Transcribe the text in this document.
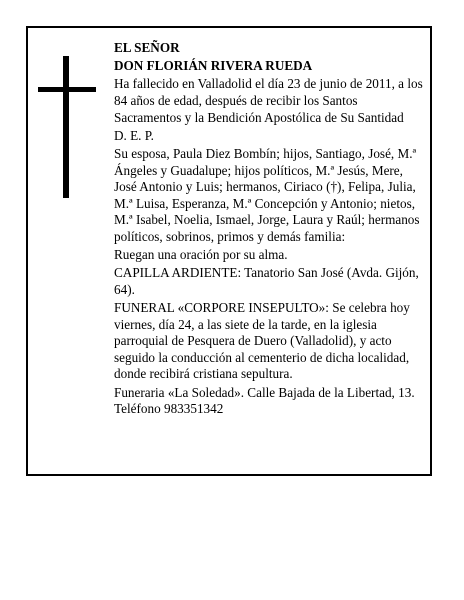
EL SEÑOR

DON FLORIÁN RIVERA RUEDA

Ha fallecido en Valladolid el día 23 de junio de 2011, a los 84 años de edad, después de recibir los Santos Sacramentos y la Bendición Apostólica de Su Santidad

D. E. P.

Su esposa, Paula Diez Bombín; hijos, Santiago, José, M.ª Ángeles y Guadalupe; hijos políticos, M.ª Jesús, Mere, José Antonio y Luis; hermanos, Ciriaco (†), Felipa, Julia, M.ª Luisa, Esperanza, M.ª Concepción y Antonio; nietos, M.ª Isabel, Noelia, Ismael, Jorge, Laura y Raúl; hermanos políticos, sobrinos, primos y demás familia:

Ruegan una oración por su alma.

CAPILLA ARDIENTE: Tanatorio San José (Avda. Gijón, 64).

FUNERAL «CORPORE INSEPULTO»: Se celebra hoy viernes, día 24, a las siete de la tarde, en la iglesia parroquial de Pesquera de Duero (Valladolid), y acto seguido la conducción al cementerio de dicha localidad, donde recibirá cristiana sepultura.

Funeraria «La Soledad». Calle Bajada de la Libertad, 13. Teléfono 983351342
